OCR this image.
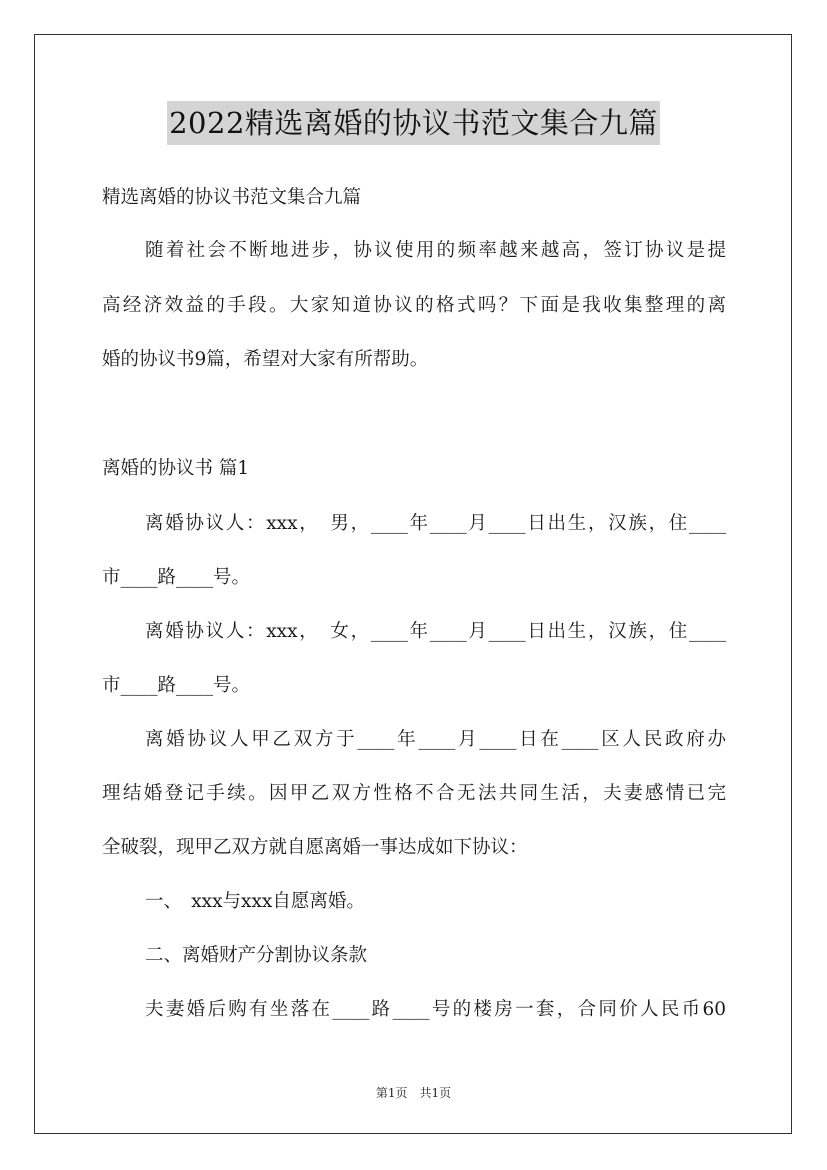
2022精选离婚的协议书范文集合九篇
精选离婚的协议书范文集合九篇
随着社会不断地进步，协议使用的频率越来越高，签订协议是提
高经济效益的手段。大家知道协议的格式吗？下面是我收集整理的离
婚的协议书9篇，希望对大家有所帮助。
离婚的协议书 篇1
离婚协议人：xxx，　男，____年____月____日出生，汉族，住____
市____路____号。
离婚协议人：xxx，　女，____年____月____日出生，汉族，住____
市____路____号。
离婚协议人甲乙双方于____年____月____日在____区人民政府办
理结婚登记手续。因甲乙双方性格不合无法共同生活，夫妻感情已完
全破裂，现甲乙双方就自愿离婚一事达成如下协议：
一、　xxx与xxx自愿离婚。
二、离婚财产分割协议条款
夫妻婚后购有坐落在____路____号的楼房一套，合同价人民币60
第1页　共1页
